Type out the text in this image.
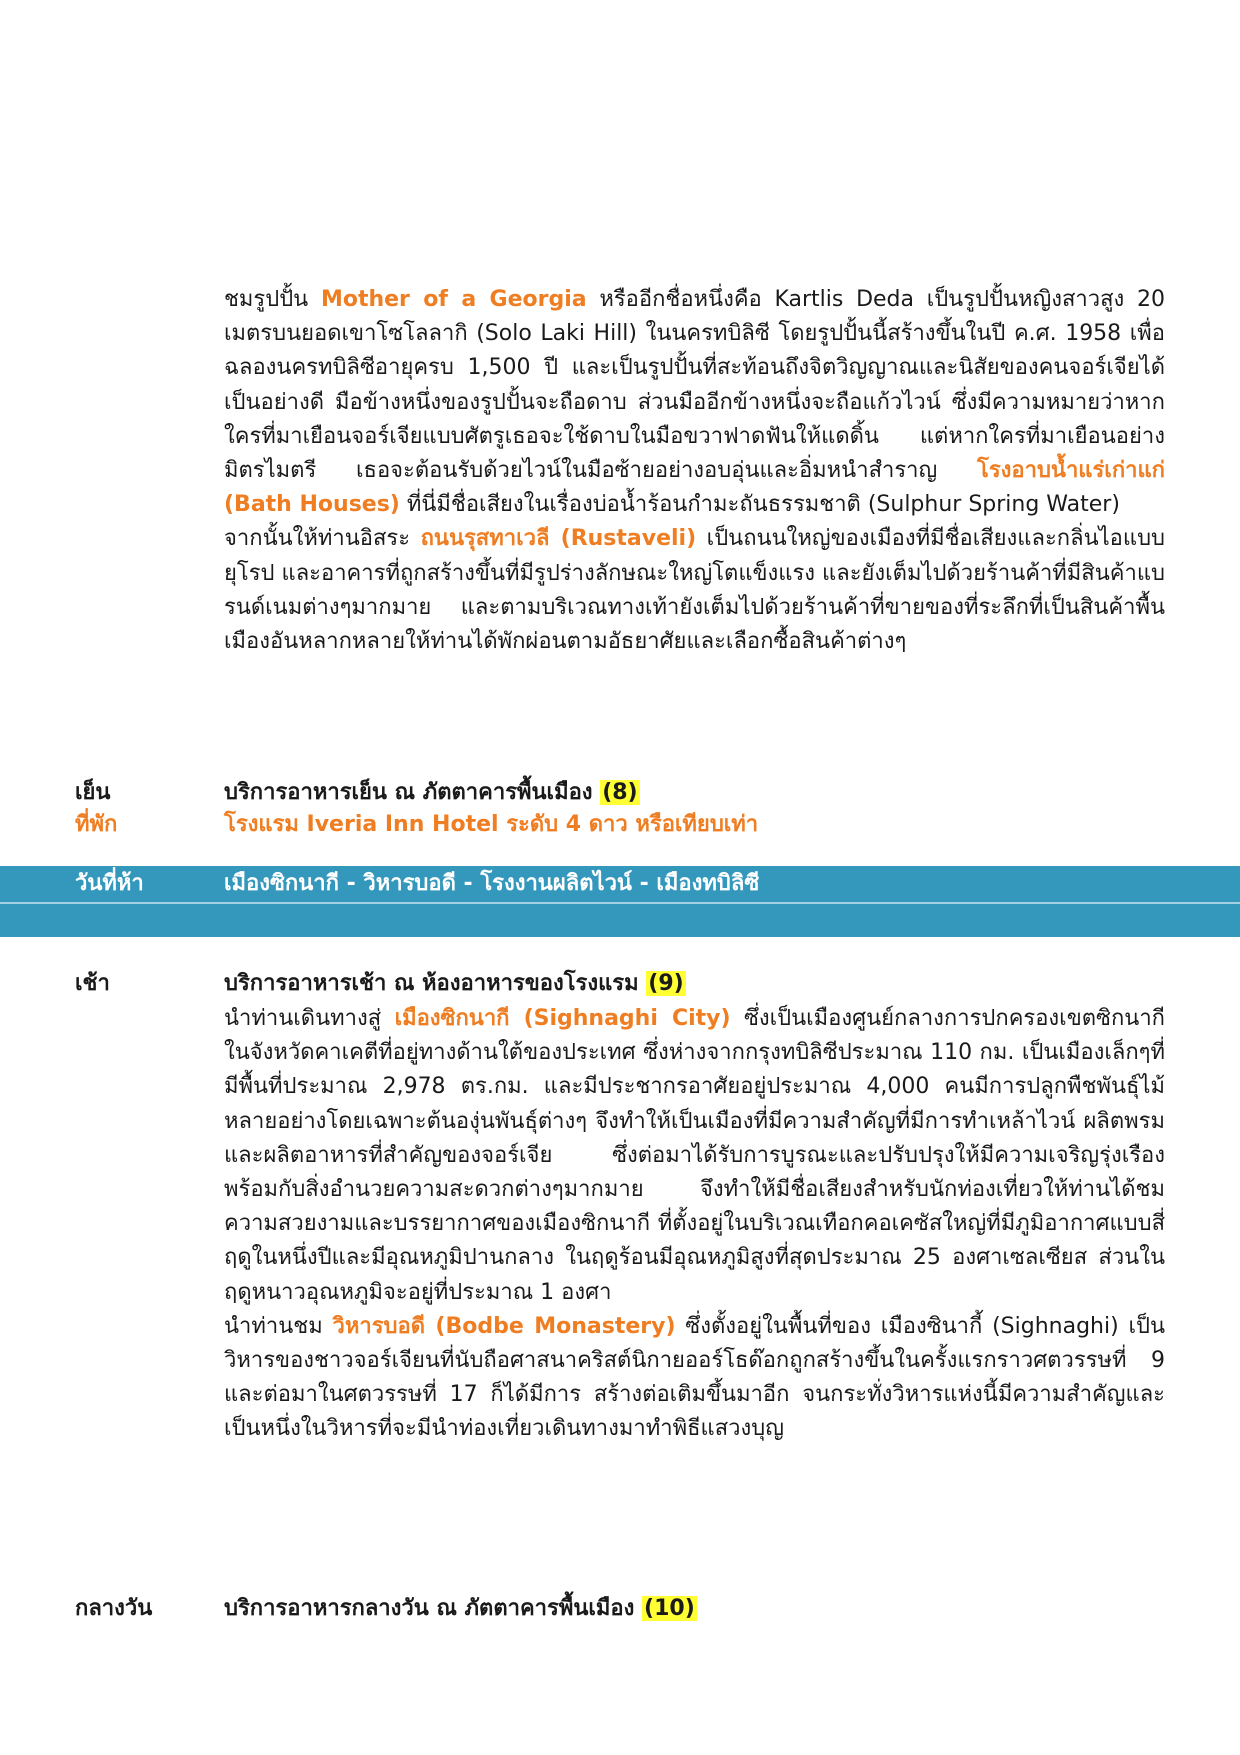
ชมรูปปั้น Mother of a Georgia หรืออีกชื่อหนึ่งคือ Kartlis Deda เป็นรูปปั้นหญิงสาวสูง 20 เมตรบนยอดเขาโซโลลากิ (Solo Laki Hill) ในนครทบิลิซี โดยรูปปั้นนี้สร้างขึ้นในปี ค.ศ. 1958 เพื่อฉลองนครทบิลิซีอายุครบ 1,500 ปี และเป็นรูปปั้นที่สะท้อนถึงจิตวิญญาณและนิสัยของคนจอร์เจียได้เป็นอย่างดี มือข้างหนึ่งของรูปปั้นจะถือดาบ ส่วนมืออีกข้างหนึ่งจะถือแก้วไวน์ ซึ่งมีความหมายว่าหากใครที่มาเยือนจอร์เจียแบบศัตรูเธอจะใช้ดาบในมือขวาฟาดฟันให้แดดิ้น แต่หากใครที่มาเยือนอย่างมิตรไมตรี เธอจะต้อนรับด้วยไวน์ในมือซ้ายอย่างอบอุ่นและอิ่มหนำสำราญ โรงอาบน้ำแร่เก่าแก่ (Bath Houses) ที่นี่มีชื่อเสียงในเรื่องบ่อน้ำร้อนกำมะถันธรรมชาติ (Sulphur Spring Water)

จากนั้นให้ท่านอิสระ ถนนรุสทาเวลี (Rustaveli) เป็นถนนใหญ่ของเมืองที่มีชื่อเสียงและกลิ่นไอแบบยุโรป และอาคารที่ถูกสร้างขึ้นที่มีรูปร่างลักษณะใหญ่โตแข็งแรง และยังเต็มไปด้วยร้านค้าที่มีสินค้าแบรนด์เนมต่างๆมากมาย และตามบริเวณทางเท้ายังเต็มไปด้วยร้านค้าที่ขายของที่ระลึกที่เป็นสินค้าพื้นเมืองอันหลากหลายให้ท่านได้พักผ่อนตามอัธยาศัยและเลือกซื้อสินค้าต่างๆ

เย็น	บริการอาหารเย็น ณ ภัตตาคารพื้นเมือง (8)
ที่พัก	โรงแรม Iveria Inn Hotel ระดับ 4 ดาว หรือเทียบเท่า
วันที่ห้า	เมืองซิกนากี - วิหารบอดี - โรงงานผลิตไวน์ - เมืองทบิลิซี
เช้า	บริการอาหารเช้า ณ ห้องอาหารของโรงแรม (9)

นำท่านเดินทางสู่ เมืองซิกนากี (Sighnaghi City) ซึ่งเป็นเมืองศูนย์กลางการปกครองเขตซิกนากี ในจังหวัดคาเคตีที่อยู่ทางด้านใต้ของประเทศ ซึ่งห่างจากกรุงทบิลิซีประมาณ 110 กม. เป็นเมืองเล็กๆที่มีพื้นที่ประมาณ 2,978 ตร.กม. และมีประชากรอาศัยอยู่ประมาณ 4,000 คนมีการปลูกพืชพันธุ์ไม้หลายอย่างโดยเฉพาะต้นองุ่นพันธุ์ต่างๆ จึงทำให้เป็นเมืองที่มีความสำคัญที่มีการทำเหล้าไวน์ ผลิตพรม และผลิตอาหารที่สำคัญของจอร์เจีย ซึ่งต่อมาได้รับการบูรณะและปรับปรุงให้มีความเจริญรุ่งเรือง พร้อมกับสิ่งอำนวยความสะดวกต่างๆมากมาย จึงทำให้มีชื่อเสียงสำหรับนักท่องเที่ยวให้ท่านได้ชมความสวยงามและบรรยากาศของเมืองซิกนากี ที่ตั้งอยู่ในบริเวณเทือกคอเคซัสใหญ่ที่มีภูมิอากาศแบบสี่ฤดูในหนึ่งปีและมีอุณหภูมิปานกลาง ในฤดูร้อนมีอุณหภูมิสูงที่สุดประมาณ 25 องศาเซลเซียส ส่วนในฤดูหนาวอุณหภูมิจะอยู่ที่ประมาณ 1 องศา

นำท่านชม วิหารบอดี (Bodbe Monastery) ซึ่งตั้งอยู่ในพื้นที่ของ เมืองซินากี้ (Sighnaghi) เป็นวิหารของชาวจอร์เจียนที่นับถือศาสนาคริสต์นิกายออร์โธด๊อกถูกสร้างขึ้นในครั้งแรกราวศตวรรษที่ 9 และต่อมาในศตวรรษที่ 17 ก็ได้มีการ สร้างต่อเติมขึ้นมาอีก จนกระทั่งวิหารแห่งนี้มีความสำคัญและเป็นหนึ่งในวิหารที่จะมีนำท่องเที่ยวเดินทางมาทำพิธีแสวงบุญ

กลางวัน	บริการอาหารกลางวัน ณ ภัตตาคารพื้นเมือง (10)
